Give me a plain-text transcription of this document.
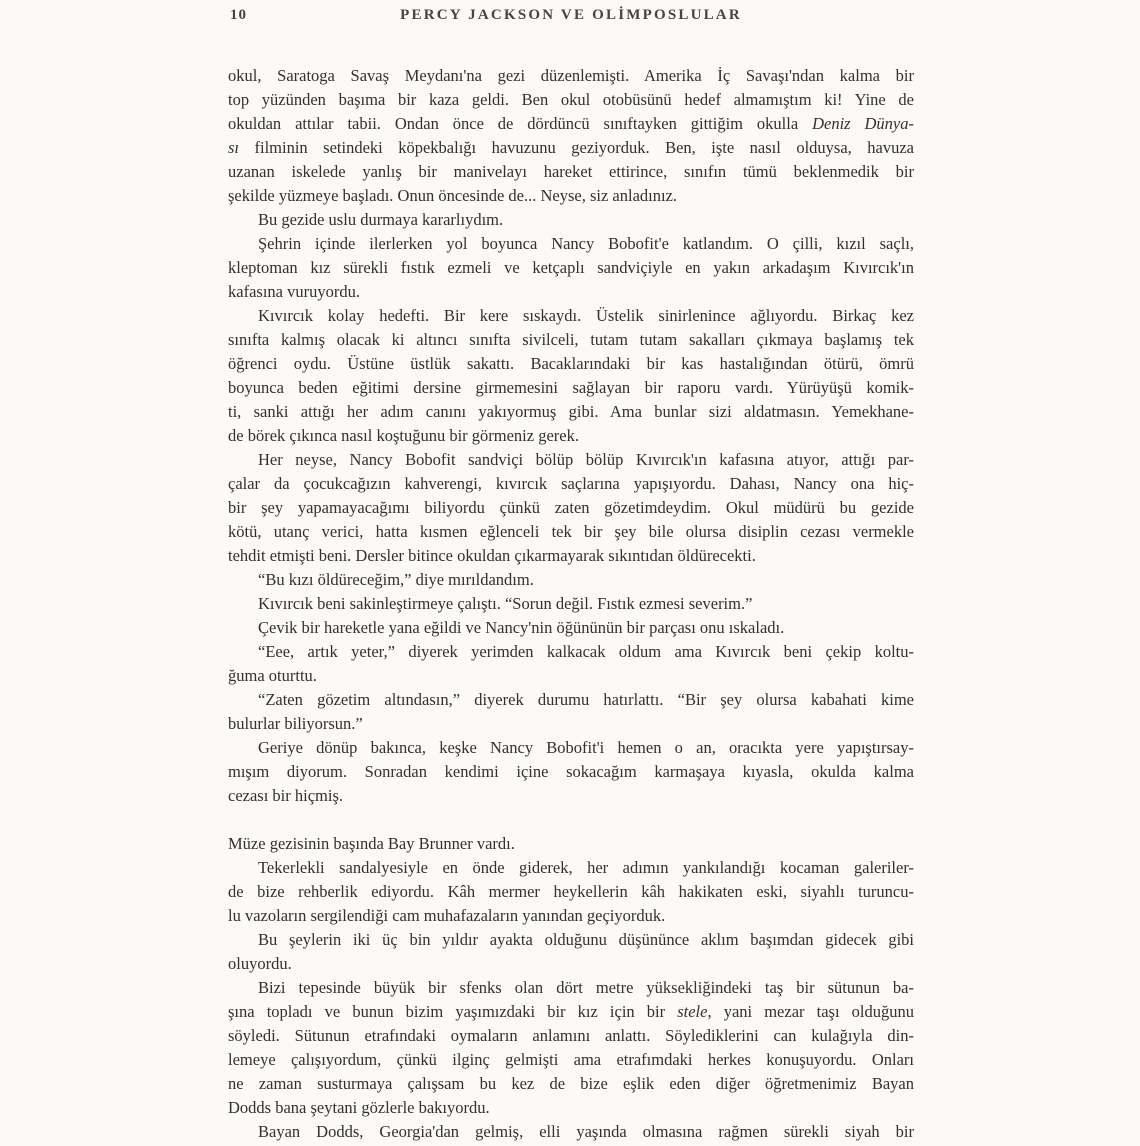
10	PERCY JACKSON VE OLİMPOSLULAR
okul, Saratoga Savaş Meydanı'na gezi düzenlemişti. Amerika İç Savaşı'ndan kalma bir
top yüzünden başıma bir kaza geldi. Ben okul otobüsünü hedef almamıştım ki! Yine de
okuldan attılar tabii. Ondan önce de dördüncü sınıftayken gittiğim okulla Deniz Dünya-
sı filminin setindeki köpekbalığı havuzunu geziyorduk. Ben, işte nasıl olduysa, havuza
uzanan iskelede yanlış bir manivelayı hareket ettirince, sınıfın tümü beklenmedik bir
şekilde yüzmeye başladı. Onun öncesinde de... Neyse, siz anladınız.
Bu gezide uslu durmaya kararlıydım.
Şehrin içinde ilerlerken yol boyunca Nancy Bobofit'e katlandım. O çilli, kızıl saçlı,
kleptoman kız sürekli fıstık ezmeli ve ketçaplı sandviçiyle en yakın arkadaşım Kıvırcık'ın
kafasına vuruyordu.
Kıvırcık kolay hedefti. Bir kere sıskaydı. Üstelik sinirlenince ağlıyordu. Birkaç kez
sınıfta kalmış olacak ki altıncı sınıfta sivilceli, tutam tutam sakalları çıkmaya başlamış tek
öğrenci oydu. Üstüne üstlük sakattı. Bacaklarındaki bir kas hastalığından ötürü, ömrü
boyunca beden eğitimi dersine girmemesini sağlayan bir raporu vardı. Yürüyüşü komik-
ti, sanki attığı her adım canını yakıyormuş gibi. Ama bunlar sizi aldatmasın. Yemekhane-
de börek çıkınca nasıl koştuğunu bir görmeniz gerek.
Her neyse, Nancy Bobofit sandviçi bölüp bölüp Kıvırcık'ın kafasına atıyor, attığı par-
çalar da çocukcağızın kahverengi, kıvırcık saçlarına yapışıyordu. Dahası, Nancy ona hiç-
bir şey yapamayacağımı biliyordu çünkü zaten gözetimdeydim. Okul müdürü bu gezide
kötü, utanç verici, hatta kısmen eğlenceli tek bir şey bile olursa disiplin cezası vermekle
tehdit etmişti beni. Dersler bitince okuldan çıkarmayarak sıkıntıdan öldürecekti.
“Bu kızı öldüreceğim,” diye mırıldandım.
Kıvırcık beni sakinleştirmeye çalıştı. “Sorun değil. Fıstık ezmesi severim.”
Çevik bir hareketle yana eğildi ve Nancy'nin öğününün bir parçası onu ıskaladı.
“Eee, artık yeter,” diyerek yerimden kalkacak oldum ama Kıvırcık beni çekip koltu-
ğuma oturttu.
“Zaten gözetim altındasın,” diyerek durumu hatırlattı. “Bir şey olursa kabahati kime
bulurlar biliyorsun.”
Geriye dönüp bakınca, keşke Nancy Bobofit'i hemen o an, oracıkta yere yapıştırsay-
mışım diyorum. Sonradan kendimi içine sokacağım karmaşaya kıyasla, okulda kalma
cezası bir hiçmiş.
Müze gezisinin başında Bay Brunner vardı.
Tekerlekli sandalyesiyle en önde giderek, her adımın yankılandığı kocaman galeriler-
de bize rehberlik ediyordu. Kâh mermer heykellerin kâh hakikaten eski, siyahlı turuncu-
lu vazoların sergilendiği cam muhafazaların yanından geçiyorduk.
Bu şeylerin iki üç bin yıldır ayakta olduğunu düşününce aklım başımdan gidecek gibi
oluyordu.
Bizi tepesinde büyük bir sfenks olan dört metre yüksekliğindeki taş bir sütunun ba-
şına topladı ve bunun bizim yaşımızdaki bir kız için bir stele, yani mezar taşı olduğunu
söyledi. Sütunun etrafındaki oymaların anlamını anlattı. Söylediklerini can kulağıyla din-
lemeye çalışıyordum, çünkü ilginç gelmişti ama etrafımdaki herkes konuşuyordu. Onları
ne zaman susturmaya çalışsam bu kez de bize eşlik eden diğer öğretmenimiz Bayan
Dodds bana şeytani gözlerle bakıyordu.
Bayan Dodds, Georgia'dan gelmiş, elli yaşında olmasına rağmen sürekli siyah bir
